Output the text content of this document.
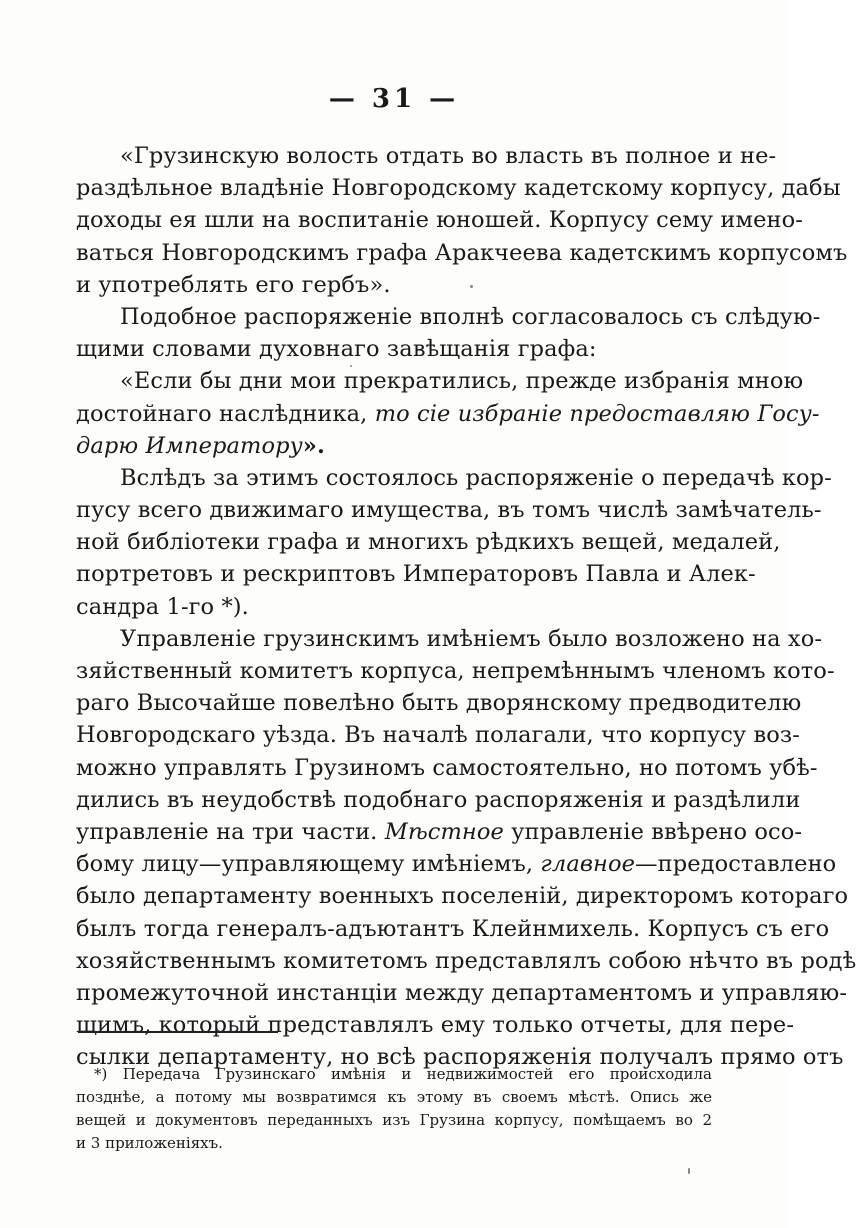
— 31 —
«Грузинскую волость отдать во власть въ полное и не-
раздѣльное владѣніе Новгородскому кадетскому корпусу, дабы
доходы ея шли на воспитаніе юношей. Корпусу сему имено-
ваться Новгородскимъ графа Аракчеева кадетскимъ корпусомъ
и употреблять его гербъ».
Подобное распоряженіе вполнѣ согласовалось съ слѣдую-
щими словами духовнаго завѣщанія графа:
«Если бы дни мои прекратились, прежде избранія мною
достойнаго наслѣдника, то сіе избраніе предоставляю Госу-
дарю Императору».
Вслѣдъ за этимъ состоялось распоряженіе о передачѣ кор-
пусу всего движимаго имущества, въ томъ числѣ замѣчатель-
ной библіотеки графа и многихъ рѣдкихъ вещей, медалей,
портретовъ и рескриптовъ Императоровъ Павла и Алек-
сандра 1-го *).
Управленіе грузинскимъ имѣніемъ было возложено на хо-
зяйственный комитетъ корпуса, непремѣннымъ членомъ кото-
раго Высочайше повелѣно быть дворянскому предводителю
Новгородскаго уѣзда. Въ началѣ полагали, что корпусу воз-
можно управлять Грузиномъ самостоятельно, но потомъ убѣ-
дились въ неудобствѣ подобнаго распоряженія и раздѣлили
управленіе на три части. Мѣстное управленіе ввѣрено осо-
бому лицу—управляющему имѣніемъ, главное—предоставлено
было департаменту военныхъ поселеній, директоромъ котораго
былъ тогда генералъ-адъютантъ Клейнмихель. Корпусъ съ его
хозяйственнымъ комитетомъ представлялъ собою нѣчто въ родѣ
промежуточной инстанціи между департаментомъ и управляю-
щимъ, который представлялъ ему только отчеты, для пере-
сылки департаменту, но всѣ распоряженія получалъ прямо отъ
*) Передача Грузинскаго имѣнія и недвижимостей его происходила
позднѣе, а потому мы возвратимся къ этому въ своемъ мѣстѣ. Опись же
вещей и документовъ переданныхъ изъ Грузина корпусу, помѣщаемъ во 2
и 3 приложеніяхъ.
